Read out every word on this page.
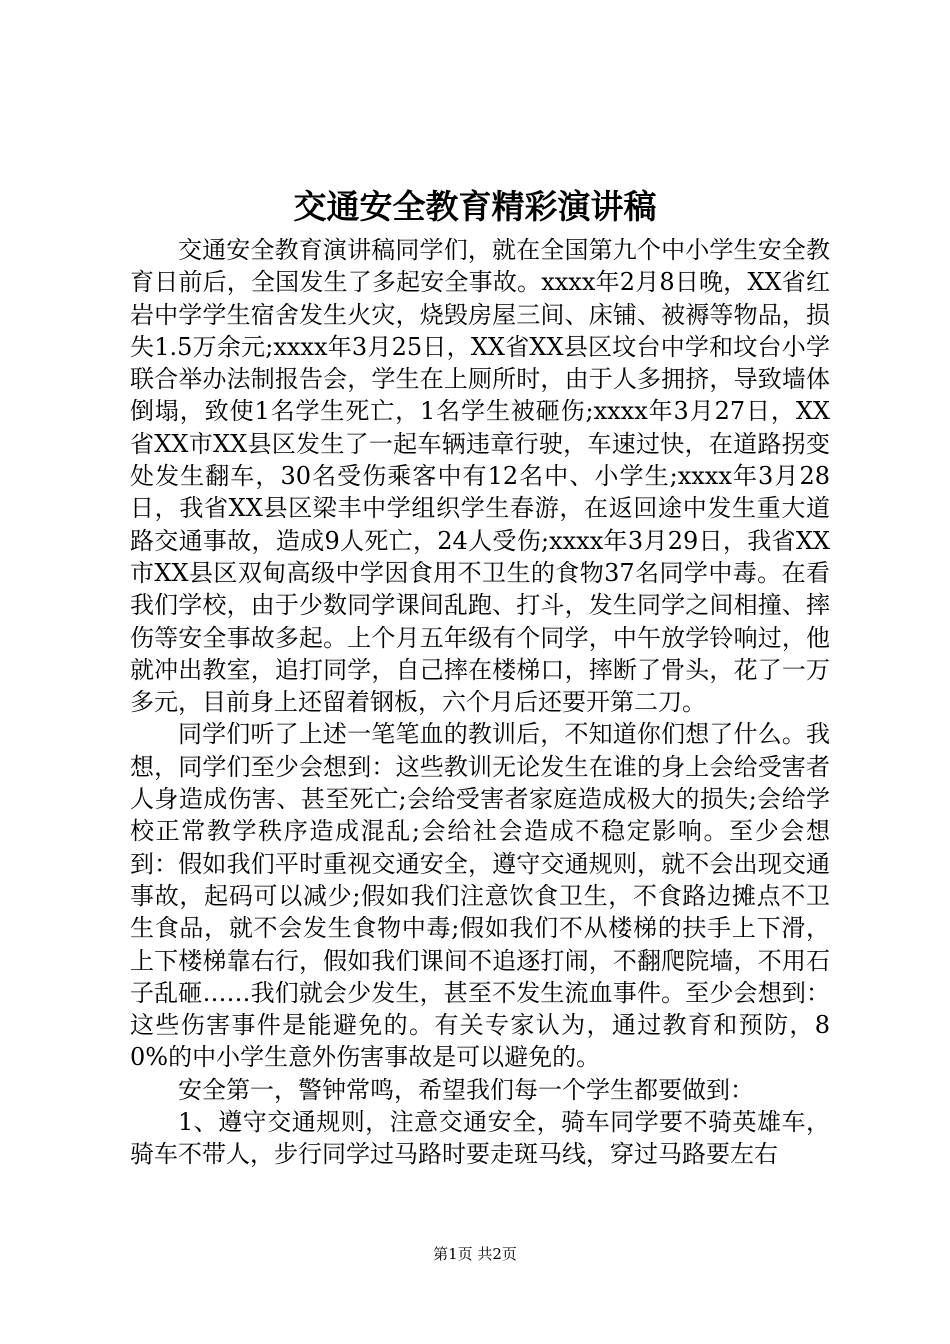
交通安全教育精彩演讲稿

交通安全教育演讲稿同学们，就在全国第九个中小学生安全教育日前后，全国发生了多起安全事故。xxxx年2月8日晚，XX省红岩中学学生宿舍发生火灾，烧毁房屋三间、床铺、被褥等物品，损失1.5万余元;xxxx年3月25日，XX省XX县区坟台中学和坟台小学联合举办法制报告会，学生在上厕所时，由于人多拥挤，导致墙体倒塌，致使1名学生死亡，1名学生被砸伤;xxxx年3月27日，XX省XX市XX县区发生了一起车辆违章行驶，车速过快，在道路拐变处发生翻车，30名受伤乘客中有12名中、小学生;xxxx年3月28日，我省XX县区梁丰中学组织学生春游，在返回途中发生重大道路交通事故，造成9人死亡，24人受伤;xxxx年3月29日，我省XX市XX县区双甸高级中学因食用不卫生的食物37名同学中毒。在看我们学校，由于少数同学课间乱跑、打斗，发生同学之间相撞、摔伤等安全事故多起。上个月五年级有个同学，中午放学铃响过，他就冲出教室，追打同学，自己摔在楼梯口，摔断了骨头，花了一万多元，目前身上还留着钢板，六个月后还要开第二刀。

同学们听了上述一笔笔血的教训后，不知道你们想了什么。我想，同学们至少会想到：这些教训无论发生在谁的身上会给受害者人身造成伤害、甚至死亡;会给受害者家庭造成极大的损失;会给学校正常教学秩序造成混乱;会给社会造成不稳定影响。至少会想到：假如我们平时重视交通安全，遵守交通规则，就不会出现交通事故，起码可以减少;假如我们注意饮食卫生，不食路边摊点不卫生食品，就不会发生食物中毒;假如我们不从楼梯的扶手上下滑，上下楼梯靠右行，假如我们课间不追逐打闹，不翻爬院墙，不用石子乱砸……我们就会少发生，甚至不发生流血事件。至少会想到：这些伤害事件是能避免的。有关专家认为，通过教育和预防，80%的中小学生意外伤害事故是可以避免的。

安全第一，警钟常鸣，希望我们每一个学生都要做到：

1、遵守交通规则，注意交通安全，骑车同学要不骑英雄车，骑车不带人，步行同学过马路时要走斑马线，穿过马路要左右

第1页 共2页
